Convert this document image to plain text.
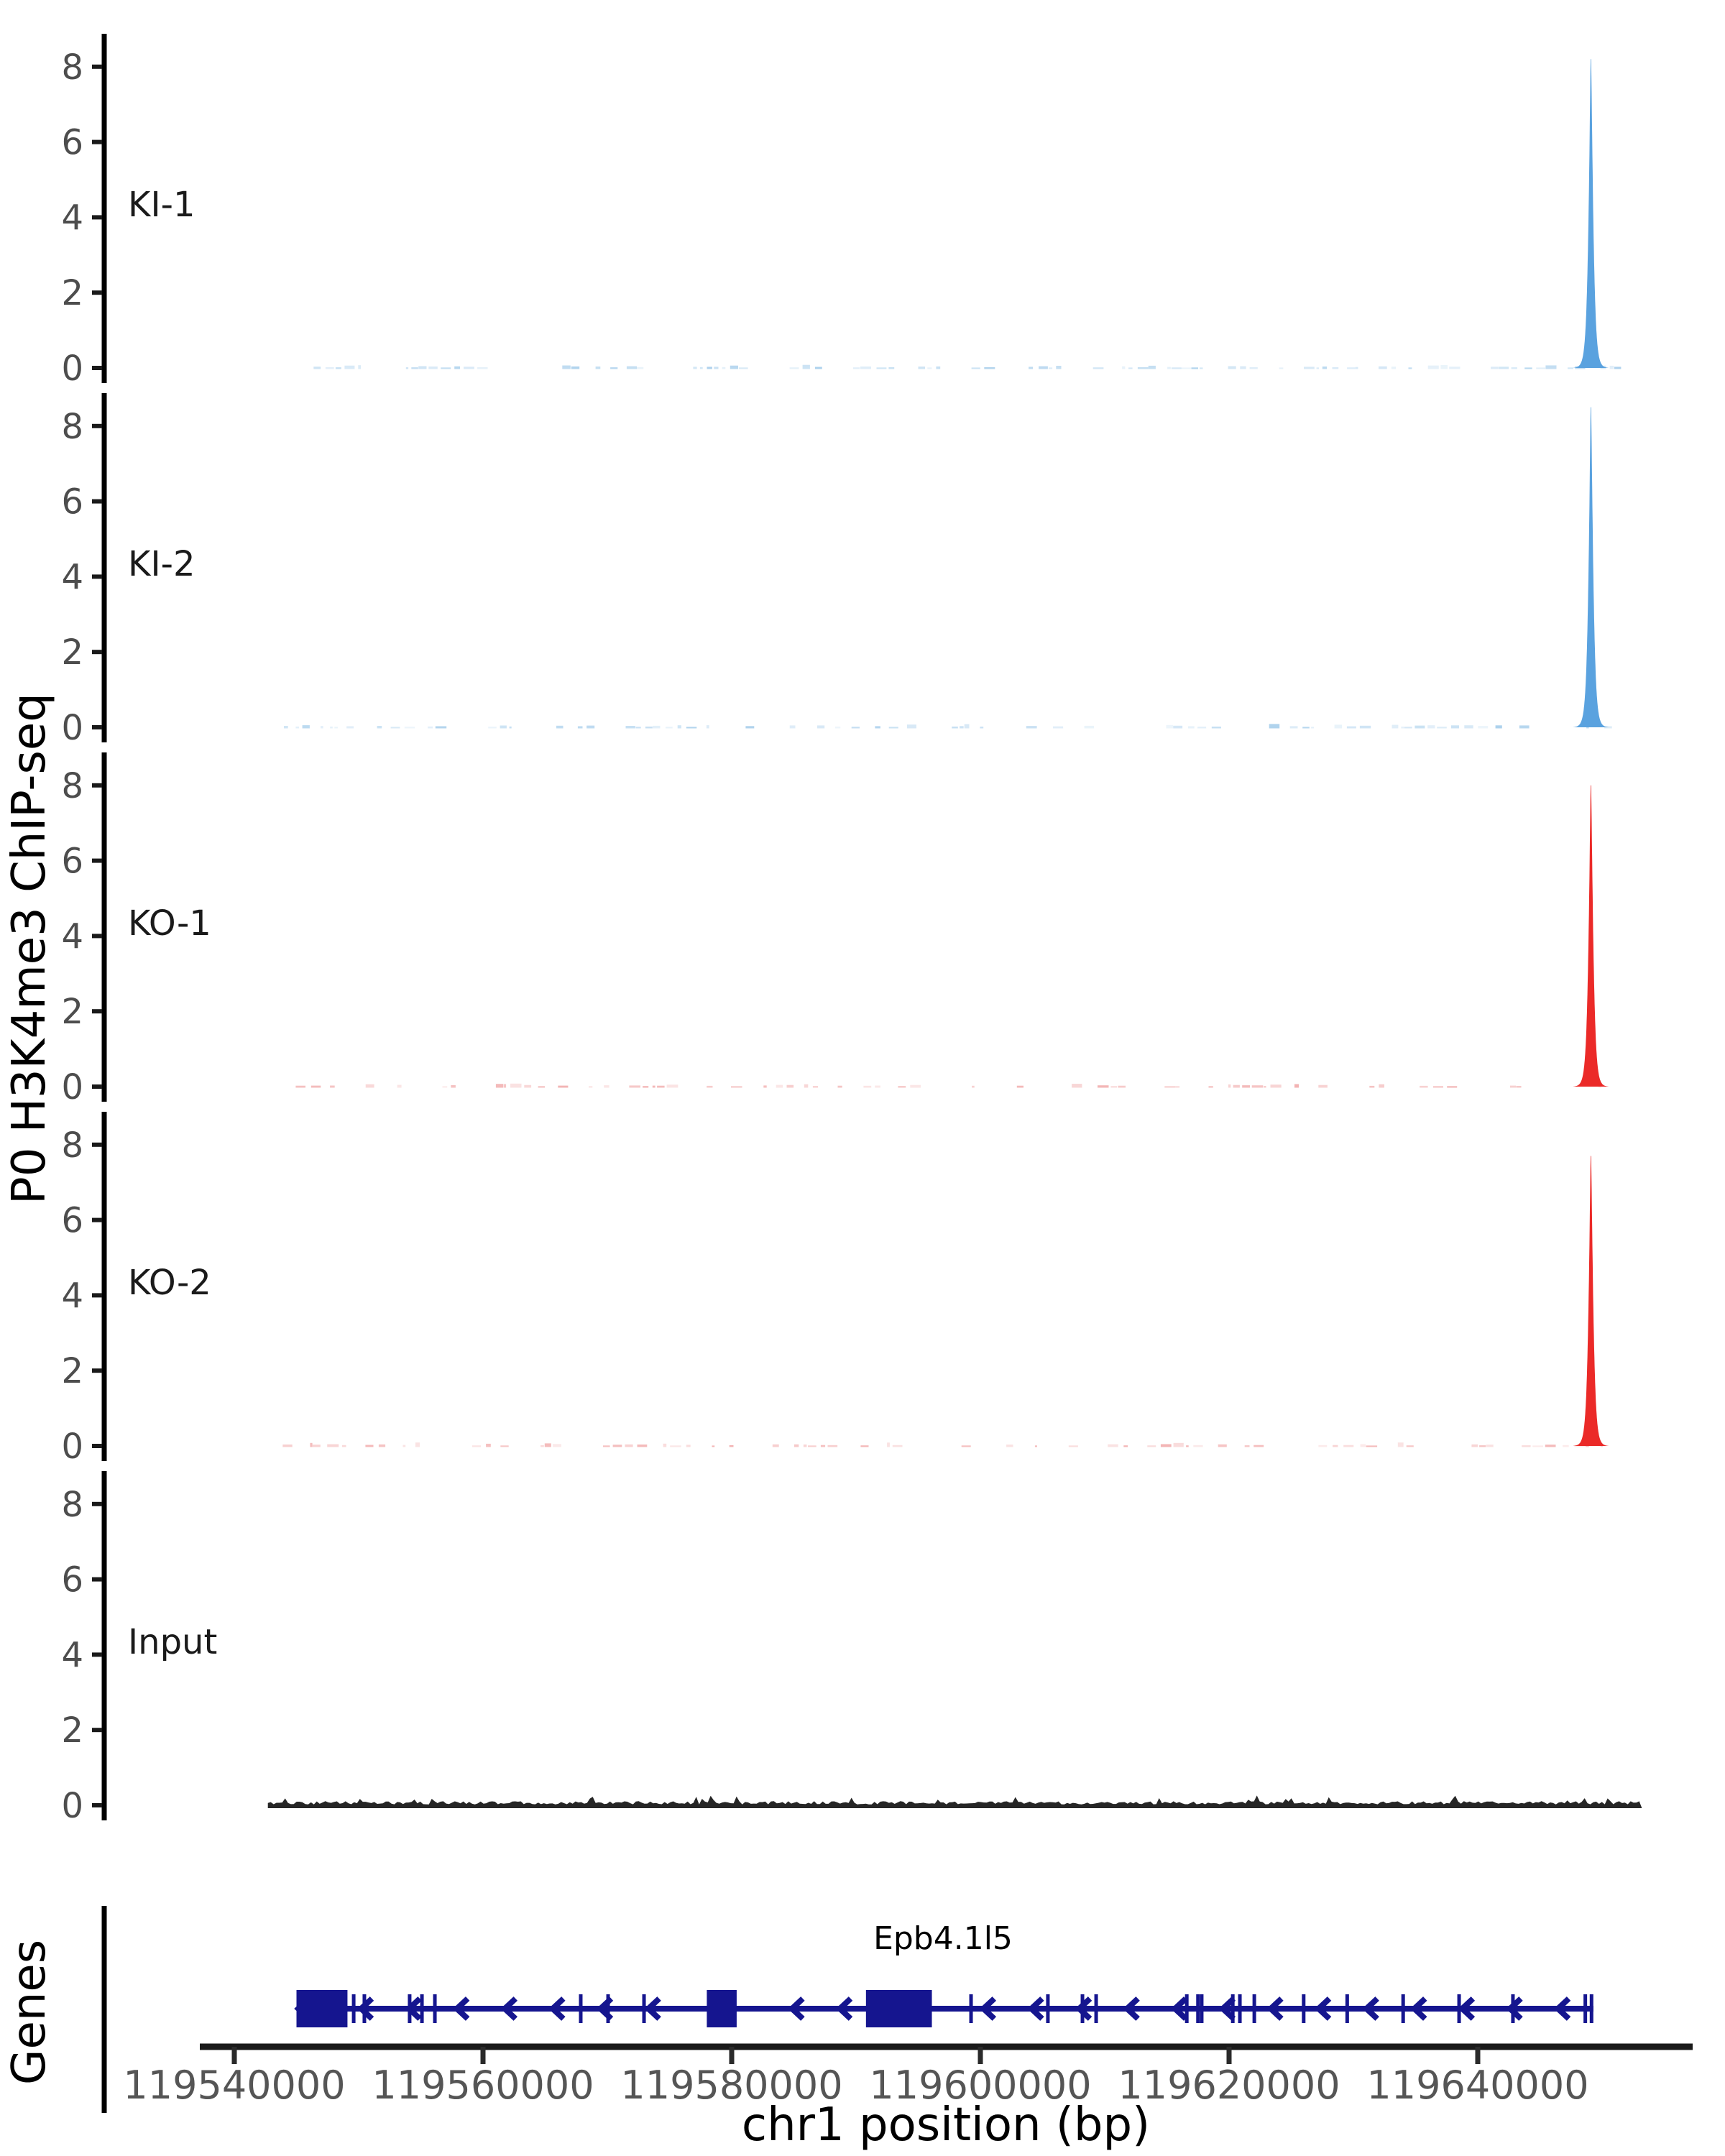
0
2
4
6
8
KI-1
0
2
4
6
8
KI-2
0
2
4
6
8
KO-1
0
2
4
6
8
KO-2
0
2
4
6
8
Input
119540000 119560000 119580000 119600000 119620000 119640000
P0 H3K4me3 ChIP-seq
Genes
chr1 position (bp)
Epb4.1l5
